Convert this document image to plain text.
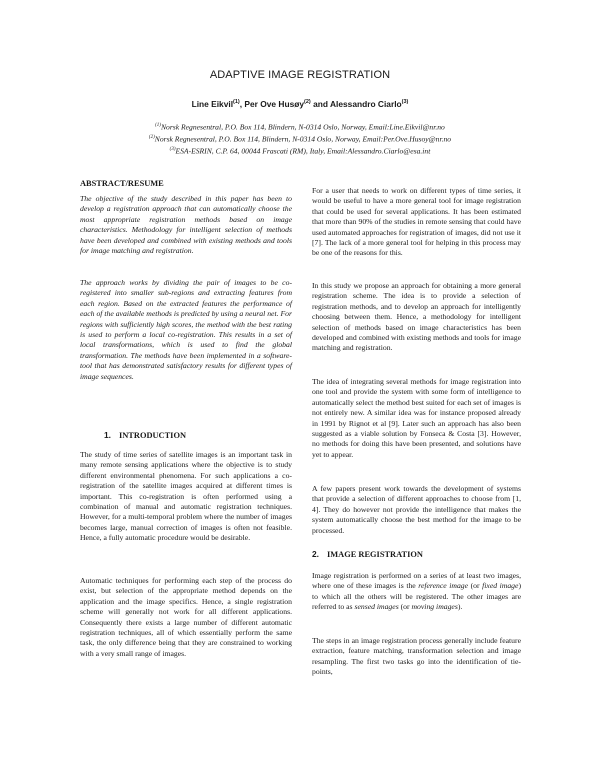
ADAPTIVE IMAGE REGISTRATION
Line Eikvil$^{(1)}$, Per Ove Husøy$^{(2)}$ and Alessandro Ciarlo$^{(3)}$
$^{(1)}$Norsk Regnesentral, P.O. Box 114, Blindern, N-0314 Oslo, Norway, Email:Line.Eikvil@nr.no
$^{(2)}$Norsk Regnesentral, P.O. Box 114, Blindern, N-0314 Oslo, Norway, Email:Per.Ove.Husoy@nr.no
$^{(3)}$ESA-ESRIN, C.P. 64, 00044 Frascati (RM), Italy, Email:Alessandro.Ciarlo@esa.int
ABSTRACT/RESUME

The objective of the study described in this paper has been to develop a registration approach that can automatically choose the most appropriate registration methods based on image characteristics. Methodology for intelligent selection of methods have been developed and combined with existing methods and tools for image matching and registration.

The approach works by dividing the pair of images to be co-registered into smaller sub-regions and extracting features from each region. Based on the extracted features the performance of each of the available methods is predicted by using a neural net. For regions with sufficiently high scores, the method with the best rating is used to perform a local co-registration. This results in a set of local transformations, which is used to find the global transformation. The methods have been implemented in a software-tool that has demonstrated satisfactory results for different types of image sequences.

1. INTRODUCTION

The study of time series of satellite images is an important task in many remote sensing applications where the objective is to study different environmental phenomena. For such applications a co-registration of the satellite images acquired at different times is important. This co-registration is often performed using a combination of manual and automatic registration techniques. However, for a multi-temporal problem where the number of images becomes large, manual correction of images is often not feasible. Hence, a fully automatic procedure would be desirable.

Automatic techniques for performing each step of the process do exist, but selection of the appropriate method depends on the application and the image specifics. Hence, a single registration scheme will generally not work for all different applications. Consequently there exists a large number of different automatic registration techniques, all of which essentially perform the same task, the only difference being that they are constrained to working with a very small range of images.

For a user that needs to work on different types of time series, it would be useful to have a more general tool for image registration that could be used for several applications. It has been estimated that more than 90% of the studies in remote sensing that could have used automated approaches for registration of images, did not use it [7]. The lack of a more general tool for helping in this process may be one of the reasons for this.

In this study we propose an approach for obtaining a more general registration scheme. The idea is to provide a selection of registration methods, and to develop an approach for intelligently choosing between them. Hence, a methodology for intelligent selection of methods based on image characteristics has been developed and combined with existing methods and tools for image matching and registration.

The idea of integrating several methods for image registration into one tool and provide the system with some form of intelligence to automatically select the method best suited for each set of images is not entirely new. A similar idea was for instance proposed already in 1991 by Rignot et al [9]. Later such an approach has also been suggested as a viable solution by Fonseca & Costa [3]. However, no methods for doing this have been presented, and solutions have yet to appear.

A few papers present work towards the development of systems that provide a selection of different approaches to choose from [1, 4]. They do however not provide the intelligence that makes the system automatically choose the best method for the image to be processed.

2. IMAGE REGISTRATION

Image registration is performed on a series of at least two images, where one of these images is the reference image (or fixed image) to which all the others will be registered. The other images are referred to as sensed images (or moving images).

The steps in an image registration process generally include feature extraction, feature matching, transformation selection and image resampling. The first two tasks go into the identification of tie-points,
